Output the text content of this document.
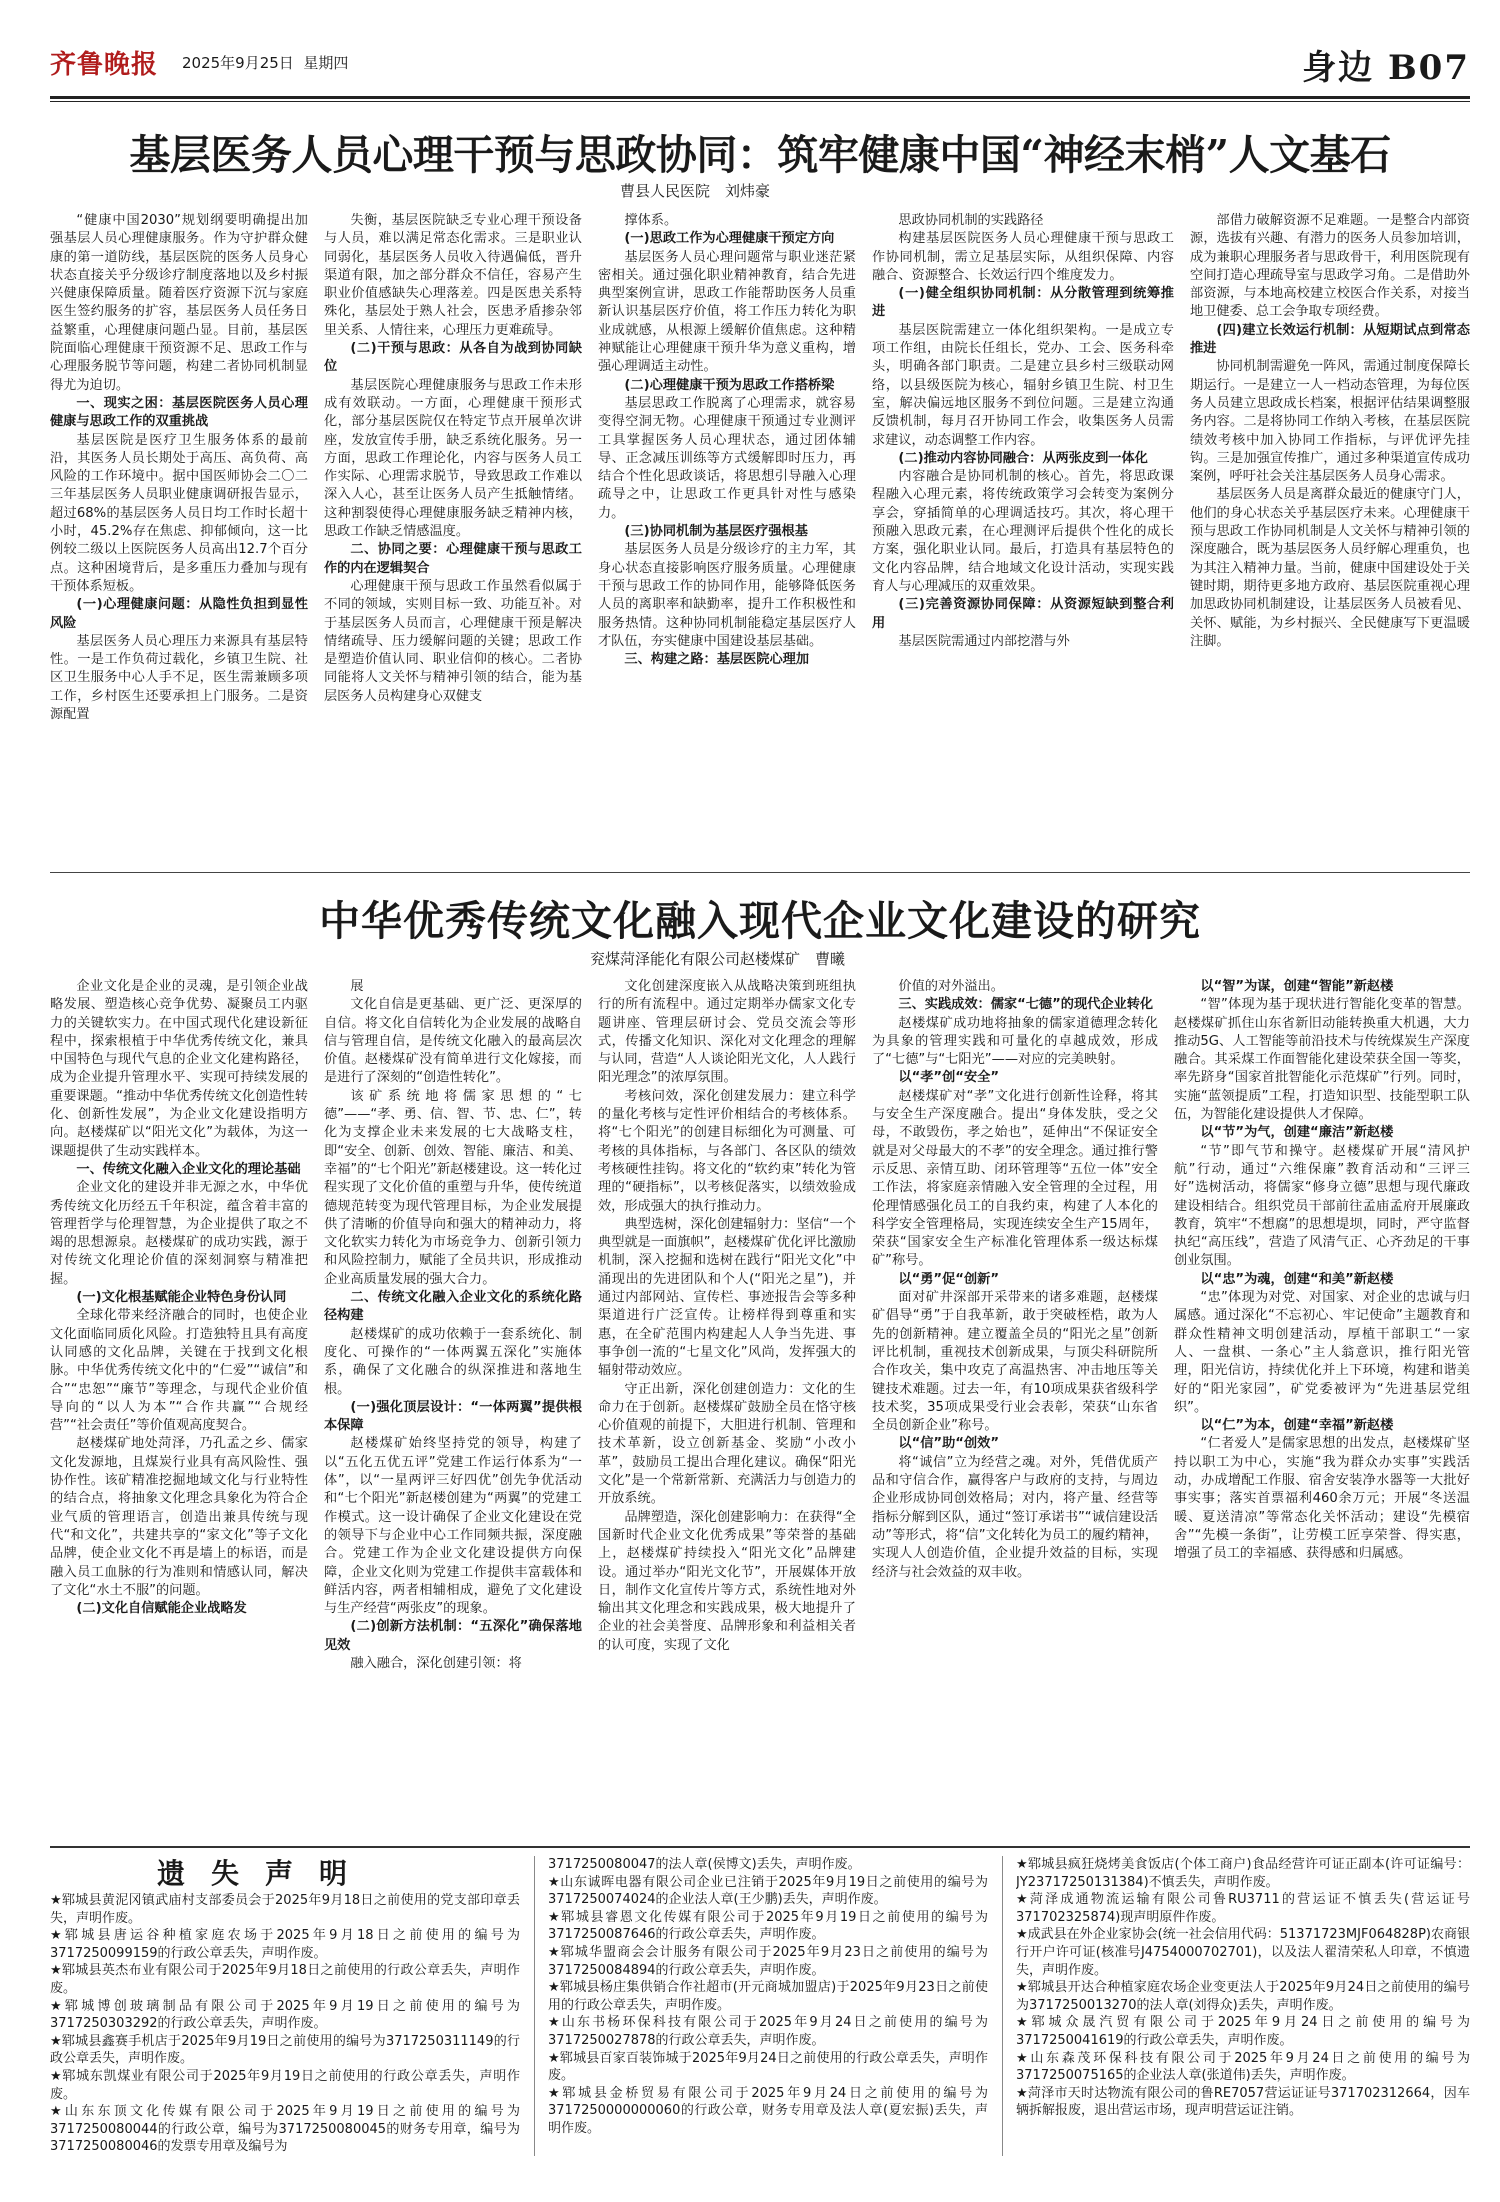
齐鲁晚报 2025年9月25日 星期四	身边 B07
基层医务人员心理干预与思政协同：筑牢健康中国“神经末梢”人文基石
曹县人民医院　刘炜豪

“健康中国2030”规划纲要明确提出加强基层人员心理健康服务。作为守护群众健康的第一道防线，基层医院的医务人员身心状态直接关乎分级诊疗制度落地以及乡村振兴健康保障质量。随着医疗资源下沉与家庭医生签约服务的扩容，基层医务人员任务日益繁重，心理健康问题凸显。目前，基层医院面临心理健康干预资源不足、思政工作与心理服务脱节等问题，构建二者协同机制显得尤为迫切。

一、现实之困：基层医院医务人员心理健康与思政工作的双重挑战

基层医院是医疗卫生服务体系的最前沿，其医务人员长期处于高压、高负荷、高风险的工作环境中。据中国医师协会二〇二三年基层医务人员职业健康调研报告显示，超过68%的基层医务人员日均工作时长超十小时，45.2%存在焦虑、抑郁倾向，这一比例较二级以上医院医务人员高出12.7个百分点。这种困境背后，是多重压力叠加与现有干预体系短板。

(一)心理健康问题：从隐性负担到显性风险

基层医务人员心理压力来源具有基层特性。一是工作负荷过载化，乡镇卫生院、社区卫生服务中心人手不足，医生需兼顾多项工作，乡村医生还要承担上门服务。二是资源配置

失衡，基层医院缺乏专业心理干预设备与人员，难以满足常态化需求。三是职业认同弱化，基层医务人员收入待遇偏低，晋升渠道有限，加之部分群众不信任，容易产生职业价值感缺失心理落差。四是医患关系特殊化，基层处于熟人社会，医患矛盾掺杂邻里关系、人情往来，心理压力更难疏导。

(二)干预与思政：从各自为战到协同缺位

基层医院心理健康服务与思政工作未形成有效联动。一方面，心理健康干预形式化，部分基层医院仅在特定节点开展单次讲座，发放宣传手册，缺乏系统化服务。另一方面，思政工作理论化，内容与医务人员工作实际、心理需求脱节，导致思政工作难以深入人心，甚至让医务人员产生抵触情绪。这种割裂使得心理健康服务缺乏精神内核，思政工作缺乏情感温度。

二、协同之要：心理健康干预与思政工作的内在逻辑契合

心理健康干预与思政工作虽然看似属于不同的领域，实则目标一致、功能互补。对于基层医务人员而言，心理健康干预是解决情绪疏导、压力缓解问题的关键；思政工作是塑造价值认同、职业信仰的核心。二者协同能将人文关怀与精神引领的结合，能为基层医务人员构建身心双健支

撑体系。

(一)思政工作为心理健康干预定方向

基层医务人员心理问题常与职业迷茫紧密相关。通过强化职业精神教育，结合先进典型案例宣讲，思政工作能帮助医务人员重新认识基层医疗价值，将工作压力转化为职业成就感，从根源上缓解价值焦虑。这种精神赋能让心理健康干预升华为意义重构，增强心理调适主动性。

(二)心理健康干预为思政工作搭桥梁

基层思政工作脱离了心理需求，就容易变得空洞无物。心理健康干预通过专业测评工具掌握医务人员心理状态，通过团体辅导、正念减压训练等方式缓解即时压力，再结合个性化思政谈话，将思想引导融入心理疏导之中，让思政工作更具针对性与感染力。

(三)协同机制为基层医疗强根基

基层医务人员是分级诊疗的主力军，其身心状态直接影响医疗服务质量。心理健康干预与思政工作的协同作用，能够降低医务人员的离职率和缺勤率，提升工作积极性和服务热情。这种协同机制能稳定基层医疗人才队伍，夯实健康中国建设基层基础。

三、构建之路：基层医院心理加

思政协同机制的实践路径

构建基层医院医务人员心理健康干预与思政工作协同机制，需立足基层实际，从组织保障、内容融合、资源整合、长效运行四个维度发力。

(一)健全组织协同机制：从分散管理到统筹推进

基层医院需建立一体化组织架构。一是成立专项工作组，由院长任组长，党办、工会、医务科牵头，明确各部门职责。二是建立县乡村三级联动网络，以县级医院为核心，辐射乡镇卫生院、村卫生室，解决偏远地区服务不到位问题。三是建立沟通反馈机制，每月召开协同工作会，收集医务人员需求建议，动态调整工作内容。

(二)推动内容协同融合：从两张皮到一体化

内容融合是协同机制的核心。首先，将思政课程融入心理元素，将传统政策学习会转变为案例分享会，穿插简单的心理调适技巧。其次，将心理干预融入思政元素，在心理测评后提供个性化的成长方案，强化职业认同。最后，打造具有基层特色的文化内容品牌，结合地域文化设计活动，实现实践育人与心理减压的双重效果。

(三)完善资源协同保障：从资源短缺到整合利用

基层医院需通过内部挖潜与外

部借力破解资源不足难题。一是整合内部资源，选拔有兴趣、有潜力的医务人员参加培训，成为兼职心理服务者与思政骨干，利用医院现有空间打造心理疏导室与思政学习角。二是借助外部资源，与本地高校建立校医合作关系，对接当地卫健委、总工会争取专项经费。

(四)建立长效运行机制：从短期试点到常态推进

协同机制需避免一阵风，需通过制度保障长期运行。一是建立一人一档动态管理，为每位医务人员建立思政成长档案，根据评估结果调整服务内容。二是将协同工作纳入考核，在基层医院绩效考核中加入协同工作指标，与评优评先挂钩。三是加强宣传推广，通过多种渠道宣传成功案例，呼吁社会关注基层医务人员身心需求。

基层医务人员是离群众最近的健康守门人，他们的身心状态关乎基层医疗未来。心理健康干预与思政工作协同机制是人文关怀与精神引领的深度融合，既为基层医务人员纾解心理重负，也为其注入精神力量。当前，健康中国建设处于关键时期，期待更多地方政府、基层医院重视心理加思政协同机制建设，让基层医务人员被看见、关怀、赋能，为乡村振兴、全民健康写下更温暖注脚。

中华优秀传统文化融入现代企业文化建设的研究
兖煤菏泽能化有限公司赵楼煤矿　曹曦

企业文化是企业的灵魂，是引领企业战略发展、塑造核心竞争优势、凝聚员工内驱力的关键软实力。在中国式现代化建设新征程中，探索根植于中华优秀传统文化，兼具中国特色与现代气息的企业文化建构路径，成为企业提升管理水平、实现可持续发展的重要课题。“推动中华优秀传统文化创造性转化、创新性发展”，为企业文化建设指明方向。赵楼煤矿以“阳光文化”为载体，为这一课题提供了生动实践样本。

一、传统文化融入企业文化的理论基础

企业文化的建设并非无源之水，中华优秀传统文化历经五千年积淀，蕴含着丰富的管理哲学与伦理智慧，为企业提供了取之不竭的思想源泉。赵楼煤矿的成功实践，源于对传统文化理论价值的深刻洞察与精准把握。

(一)文化根基赋能企业特色身份认同

全球化带来经济融合的同时，也使企业文化面临同质化风险。打造独特且具有高度认同感的文化品牌，关键在于找到文化根脉。中华优秀传统文化中的“仁爱”“诚信”和合”“忠恕”“廉节”等理念，与现代企业价值导向的“以人为本”“合作共赢”“合规经营”“社会责任”等价值观高度契合。

赵楼煤矿地处菏泽，乃孔孟之乡、儒家文化发源地，且煤炭行业具有高风险性、强协作性。该矿精准挖掘地域文化与行业特性的结合点，将抽象文化理念具象化为符合企业气质的管理语言，创造出兼具传统与现代“和文化”，共建共享的“家文化”等子文化品牌，使企业文化不再是墙上的标语，而是融入员工血脉的行为准则和情感认同，解决了文化“水土不服”的问题。

(二)文化自信赋能企业战略发

展

文化自信是更基础、更广泛、更深厚的自信。将文化自信转化为企业发展的战略自信与管理自信，是传统文化融入的最高层次价值。赵楼煤矿没有简单进行文化嫁接，而是进行了深刻的“创造性转化”。

该矿系统地将儒家思想的“七德”——“孝、勇、信、智、节、忠、仁”，转化为支撑企业未来发展的七大战略支柱，即“安全、创新、创效、智能、廉洁、和美、幸福”的“七个阳光”新赵楼建设。这一转化过程实现了文化价值的重塑与升华，使传统道德规范转变为现代管理目标，为企业发展提供了清晰的价值导向和强大的精神动力，将文化软实力转化为市场竞争力、创新引领力和风险控制力，赋能了全员共识，形成推动企业高质量发展的强大合力。

二、传统文化融入企业文化的系统化路径构建

赵楼煤矿的成功依赖于一套系统化、制度化、可操作的“一体两翼五深化”实施体系，确保了文化融合的纵深推进和落地生根。

(一)强化顶层设计：“一体两翼”提供根本保障

赵楼煤矿始终坚持党的领导，构建了以“五化五优五评”党建工作运行体系为“一体”，以“一星两评三好四优”创先争优活动和“七个阳光”新赵楼创建为“两翼”的党建工作模式。这一设计确保了企业文化建设在党的领导下与企业中心工作同频共振，深度融合。党建工作为企业文化建设提供方向保障，企业文化则为党建工作提供丰富载体和鲜活内容，两者相辅相成，避免了文化建设与生产经营“两张皮”的现象。

(二)创新方法机制：“五深化”确保落地见效

融入融合，深化创建引领：将

文化创建深度嵌入从战略决策到班组执行的所有流程中。通过定期举办儒家文化专题讲座、管理层研讨会、党员交流会等形式，传播文化知识、深化对文化理念的理解与认同，营造“人人谈论阳光文化，人人践行阳光理念”的浓厚氛围。

考核问效，深化创建发展力：建立科学的量化考核与定性评价相结合的考核体系。将“七个阳光”的创建目标细化为可测量、可考核的具体指标，与各部门、各区队的绩效考核硬性挂钩。将文化的“软约束”转化为管理的“硬指标”，以考核促落实，以绩效验成效，形成强大的执行推动力。

典型选树，深化创建辐射力：坚信“一个典型就是一面旗帜”，赵楼煤矿优化评比激励机制，深入挖掘和选树在践行“阳光文化”中涌现出的先进团队和个人(“阳光之星”)，并通过内部网站、宣传栏、事迹报告会等多种渠道进行广泛宣传。让榜样得到尊重和实惠，在全矿范围内构建起人人争当先进、事事争创一流的“七星文化”风尚，发挥强大的辐射带动效应。

守正出新，深化创建创造力：文化的生命力在于创新。赵楼煤矿鼓励全员在恪守核心价值观的前提下，大胆进行机制、管理和技术革新，设立创新基金、奖励“小改小革”，鼓励员工提出合理化建议。确保“阳光文化”是一个常新常新、充满活力与创造力的开放系统。

品牌塑造，深化创建影响力：在获得“全国新时代企业文化优秀成果”等荣誉的基础上，赵楼煤矿持续投入“阳光文化”品牌建设。通过举办“阳光文化节”，开展媒体开放日，制作文化宣传片等方式，系统性地对外输出其文化理念和实践成果，极大地提升了企业的社会美誉度、品牌形象和利益相关者的认可度，实现了文化

价值的对外溢出。

三、实践成效：儒家“七德”的现代企业转化

赵楼煤矿成功地将抽象的儒家道德理念转化为具象的管理实践和可量化的卓越成效，形成了“七德”与“七阳光”——对应的完美映射。

以“孝”创“安全”

赵楼煤矿对“孝”文化进行创新性诠释，将其与安全生产深度融合。提出“身体发肤，受之父母，不敢毁伤，孝之始也”，延伸出“不保证安全就是对父母最大的不孝”的安全理念。通过推行警示反思、亲情互助、闭环管理等“五位一体”安全工作法，将家庭亲情融入安全管理的全过程，用伦理情感强化员工的自我约束，构建了人本化的科学安全管理格局，实现连续安全生产15周年，荣获“国家安全生产标准化管理体系一级达标煤矿”称号。

以“勇”促“创新”

面对矿井深部开采带来的诸多难题，赵楼煤矿倡导“勇”于自我革新，敢于突破桎梏，敢为人先的创新精神。建立覆盖全员的“阳光之星”创新评比机制，重视技术创新成果，与顶尖科研院所合作攻关，集中攻克了高温热害、冲击地压等关键技术难题。过去一年，有10项成果获省级科学技术奖，35项成果受行业会表彰，荣获“山东省全员创新企业”称号。

以“信”助“创效”

将“诚信”立为经营之魂。对外，凭借优质产品和守信合作，赢得客户与政府的支持，与周边企业形成协同创效格局；对内，将产量、经营等指标分解到区队，通过“签订承诺书”“诚信建设活动”等形式，将“信”文化转化为员工的履约精神，实现人人创造价值，企业提升效益的目标，实现经济与社会效益的双丰收。

以“智”为谋，创建“智能”新赵楼

“智”体现为基于现状进行智能化变革的智慧。赵楼煤矿抓住山东省新旧动能转换重大机遇，大力推动5G、人工智能等前沿技术与传统煤炭生产深度融合。其采煤工作面智能化建设荣获全国一等奖，率先跻身“国家首批智能化示范煤矿”行列。同时，实施“蓝领提质”工程，打造知识型、技能型职工队伍，为智能化建设提供人才保障。

以“节”为气，创建“廉洁”新赵楼

“节”即气节和操守。赵楼煤矿开展“清风护航”行动，通过“六维保廉”教育活动和“三评三好”选树活动，将儒家“修身立德”思想与现代廉政建设相结合。组织党员干部前往孟庙孟府开展廉政教育，筑牢“不想腐”的思想堤坝，同时，严守监督执纪“高压线”，营造了风清气正、心齐劲足的干事创业氛围。

以“忠”为魂，创建“和美”新赵楼

“忠”体现为对党、对国家、对企业的忠诚与归属感。通过深化“不忘初心、牢记使命”主题教育和群众性精神文明创建活动，厚植干部职工“一家人、一盘棋、一条心”主人翁意识，推行阳光管理，阳光信访，持续优化并上下环境，构建和谐美好的“阳光家园”，矿党委被评为“先进基层党组织”。

以“仁”为本，创建“幸福”新赵楼

“仁者爱人”是儒家思想的出发点，赵楼煤矿坚持以职工为中心，实施“我为群众办实事”实践活动，办成增配工作服、宿舍安装净水器等一大批好事实事；落实首票福利460余万元；开展“冬送温暖、夏送清凉”等常态化关怀活动；建设“先模宿舍”“先模一条街”，让劳模工匠享荣誉、得实惠，增强了员工的幸福感、获得感和归属感。

遗失声明

★郓城县黄泥冈镇武庙村支部委员会于2025年9月18日之前使用的党支部印章丢失，声明作废。

★郓城县唐运谷种植家庭农场于2025年9月18日之前使用的编号为3717250099159的行政公章丢失，声明作废。

★郓城县英杰布业有限公司于2025年9月18日之前使用的行政公章丢失，声明作废。

★郓城博创玻璃制品有限公司于2025年9月19日之前使用的编号为3717250303292的行政公章丢失，声明作废。

★郓城县鑫赛手机店于2025年9月19日之前使用的编号为3717250311149的行政公章丢失，声明作废。

★郓城东凯煤业有限公司于2025年9月19日之前使用的行政公章丢失，声明作废。

★山东东顶文化传媒有限公司于2025年9月19日之前使用的编号为3717250080044的行政公章，编号为3717250080045的财务专用章，编号为3717250080046的发票专用章及编号为

3717250080047的法人章(侯博文)丢失，声明作废。

★山东诚晖电器有限公司企业已注销于2025年9月19日之前使用的编号为3717250074024的企业法人章(王少鹏)丢失，声明作废。

★郓城县睿恩文化传媒有限公司于2025年9月19日之前使用的编号为3717250087646的行政公章丢失，声明作废。

★郓城华盟商会会计服务有限公司于2025年9月23日之前使用的编号为3717250084894的行政公章丢失，声明作废。

★郓城县杨庄集供销合作社超市(开元商城加盟店)于2025年9月23日之前使用的行政公章丢失，声明作废。

★山东书杨环保科技有限公司于2025年9月24日之前使用的编号为3717250027878的行政公章丢失，声明作废。

★郓城县百家百装饰城于2025年9月24日之前使用的行政公章丢失，声明作废。

★郓城县金桥贸易有限公司于2025年9月24日之前使用的编号为3717250000000060的行政公章，财务专用章及法人章(夏宏振)丢失，声明作废。

★郓城县疯狂烧烤美食饭店(个体工商户)食品经营许可证正副本(许可证编号：JY23717250131384)不慎丢失，声明作废。

★菏泽成通物流运输有限公司鲁RU3711的营运证不慎丢失(营运证号371702325874)现声明原件作废。

★成武县在外企业家协会(统一社会信用代码：51371723MJF064828P)农商银行开户许可证(核准号J4754000702701)，以及法人翟清荣私人印章，不慎遗失，声明作废。

★郓城县开达合种植家庭农场企业变更法人于2025年9月24日之前使用的编号为3717250013270的法人章(刘得众)丢失，声明作废。

★郓城众晟汽贸有限公司于2025年9月24日之前使用的编号为3717250041619的行政公章丢失，声明作废。

★山东森茂环保科技有限公司于2025年9月24日之前使用的编号为3717250075165的企业法人章(张道伟)丢失，声明作废。

★菏泽市天时达物流有限公司的鲁RE7057营运证证号371702312664，因车辆拆解报废，退出营运市场，现声明营运证注销。
